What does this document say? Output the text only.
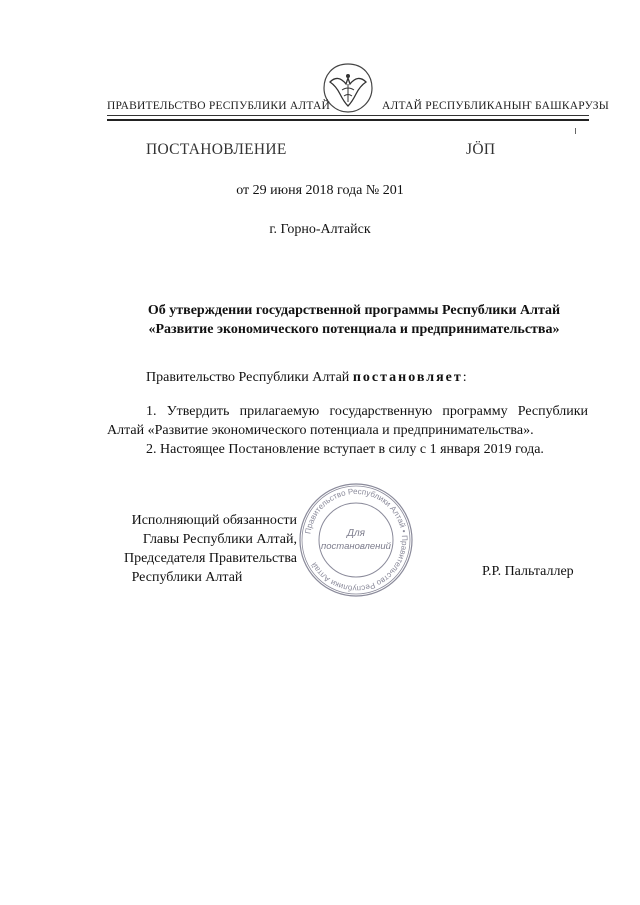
ПРАВИТЕЛЬСТВО РЕСПУБЛИКИ АЛТАЙ	АЛТАЙ РЕСПУБЛИКАНЫҤ БАШКАРУЗЫ
ПОСТАНОВЛЕНИЕ	JÖП
от 29 июня 2018 года № 201
г. Горно-Алтайск
Об утверждении государственной программы Республики Алтай
«Развитие экономического потенциала и предпринимательства»
Правительство Республики Алтай постановляет:
1. Утвердить прилагаемую государственную программу Республики
Алтай «Развитие экономического потенциала и предпринимательства».
2. Настоящее Постановление вступает в силу с 1 января 2019 года.
Исполняющий обязанности
Главы Республики Алтай,
Председателя Правительства
Республики Алтай	Р.Р. Пальталлер
Правительство Республики Алтай • Правительство Республики Алтай
Для
постановлений
